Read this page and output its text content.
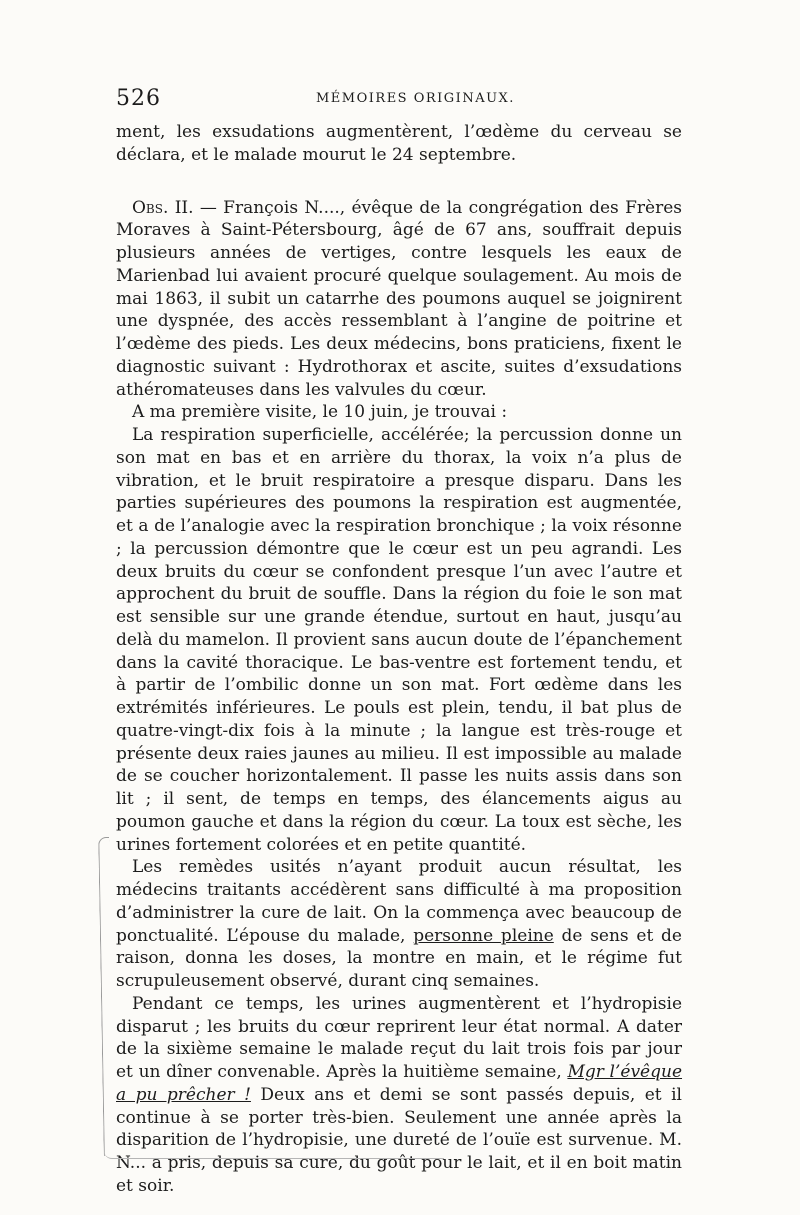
526	MÉMOIRES ORIGINAUX.

ment, les exsudations augmentèrent, l’œdème du cerveau se déclara, et le malade mourut le 24 septembre.

Obs. II. — François N...., évêque de la congrégation des Frères Moraves à Saint-Pétersbourg, âgé de 67 ans, souffrait depuis plusieurs années de vertiges, contre lesquels les eaux de Marienbad lui avaient procuré quelque soulagement. Au mois de mai 1863, il subit un catarrhe des poumons auquel se joignirent une dyspnée, des accès ressemblant à l’angine de poitrine et l’œdème des pieds. Les deux médecins, bons praticiens, fixent le diagnostic suivant : Hydrothorax et ascite, suites d’exsudations athéromateuses dans les valvules du cœur.

A ma première visite, le 10 juin, je trouvai :

La respiration superficielle, accélérée; la percussion donne un son mat en bas et en arrière du thorax, la voix n’a plus de vibration, et le bruit respiratoire a presque disparu. Dans les parties supérieures des poumons la respiration est augmentée, et a de l’analogie avec la respiration bronchique ; la voix résonne ; la percussion démontre que le cœur est un peu agrandi. Les deux bruits du cœur se confondent presque l’un avec l’autre et approchent du bruit de souffle. Dans la région du foie le son mat est sensible sur une grande étendue, surtout en haut, jusqu’au delà du mamelon. Il provient sans aucun doute de l’épanchement dans la cavité thoracique. Le bas-ventre est fortement tendu, et à partir de l’ombilic donne un son mat. Fort œdème dans les extrémités inférieures. Le pouls est plein, tendu, il bat plus de quatre-vingt-dix fois à la minute ; la langue est très-rouge et présente deux raies jaunes au milieu. Il est impossible au malade de se coucher horizontalement. Il passe les nuits assis dans son lit ; il sent, de temps en temps, des élancements aigus au poumon gauche et dans la région du cœur. La toux est sèche, les urines fortement colorées et en petite quantité.

Les remèdes usités n’ayant produit aucun résultat, les médecins traitants accédèrent sans difficulté à ma proposition d’administrer la cure de lait. On la commença avec beaucoup de ponctualité. L’épouse du malade, personne pleine de sens et de raison, donna les doses, la montre en main, et le régime fut scrupuleusement observé, durant cinq semaines.

Pendant ce temps, les urines augmentèrent et l’hydropisie disparut ; les bruits du cœur reprirent leur état normal. A dater de la sixième semaine le malade reçut du lait trois fois par jour et un dîner convenable. Après la huitième semaine, Mgr l’évêque a pu prêcher ! Deux ans et demi se sont passés depuis, et il continue à se porter très-bien. Seulement une année après la disparition de l’hydropisie, une dureté de l’ouïe est survenue. M. N... a pris, depuis sa cure, du goût pour le lait, et il en boit matin et soir.
